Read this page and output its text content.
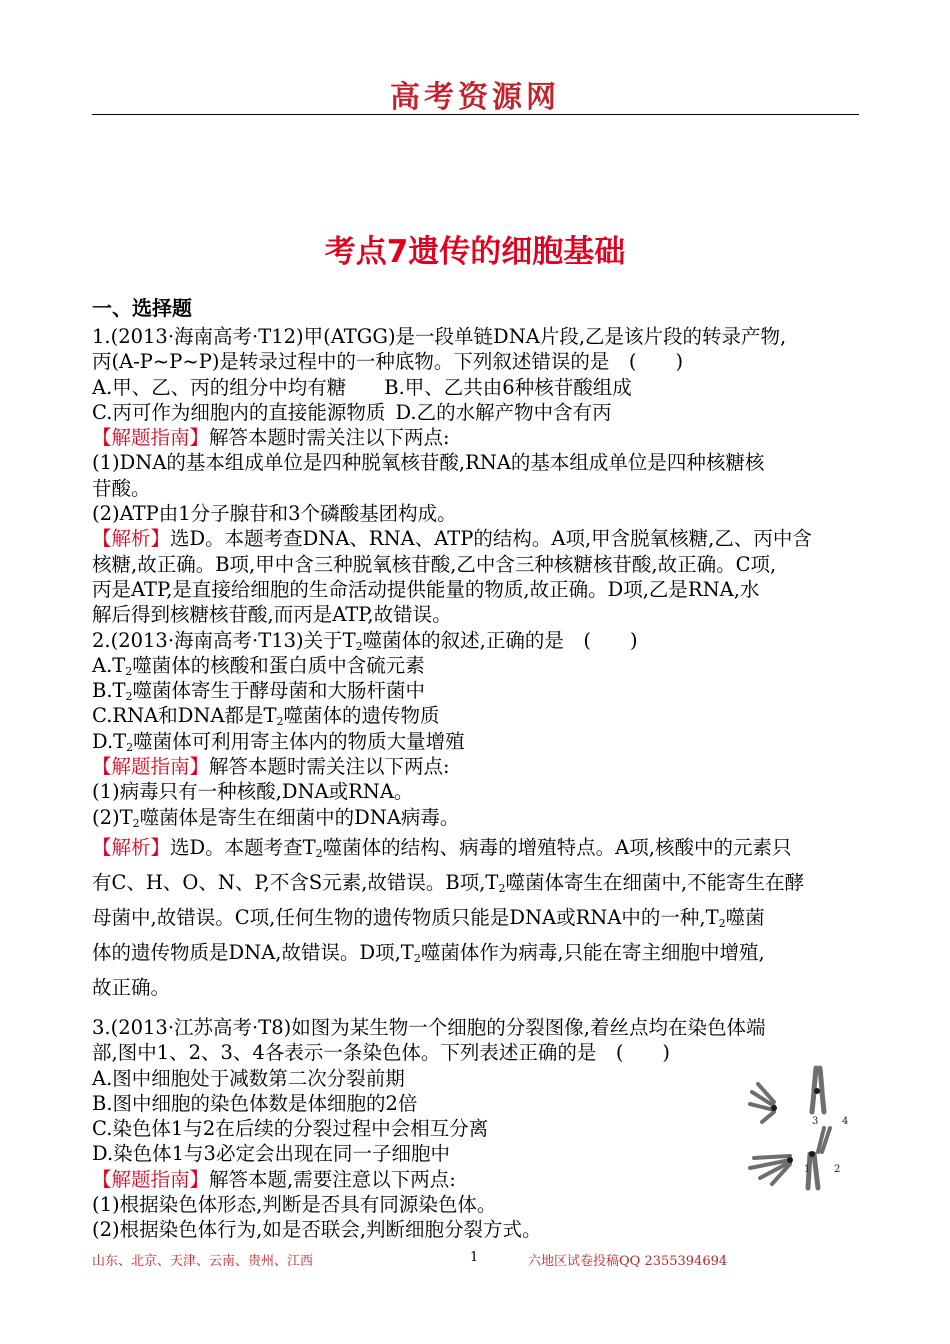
高考资源网
考点7遗传的细胞基础
一、选择题
1.(2013·海南高考·T12)甲(ATGG)是一段单链DNA片段,乙是该片段的转录产物,
丙(A-P~P~P)是转录过程中的一种底物。下列叙述错误的是　(　　)
A.甲、乙、丙的组分中均有糖 B.甲、乙共由6种核苷酸组成
C.丙可作为细胞内的直接能源物质 D.乙的水解产物中含有丙
【解题指南】解答本题时需关注以下两点:
(1)DNA的基本组成单位是四种脱氧核苷酸,RNA的基本组成单位是四种核糖核
苷酸。
(2)ATP由1分子腺苷和3个磷酸基团构成。
【解析】选D。本题考查DNA、RNA、ATP的结构。A项,甲含脱氧核糖,乙、丙中含
核糖,故正确。B项,甲中含三种脱氧核苷酸,乙中含三种核糖核苷酸,故正确。C项,
丙是ATP,是直接给细胞的生命活动提供能量的物质,故正确。D项,乙是RNA,水
解后得到核糖核苷酸,而丙是ATP,故错误。
2.(2013·海南高考·T13)关于$T_2$噬菌体的叙述,正确的是　(　　)
$A.T_2$噬菌体的核酸和蛋白质中含硫元素
$B.T_2$噬菌体寄生于酵母菌和大肠杆菌中
C.RNA和DNA都是$T_2$噬菌体的遗传物质
$D.T_2$噬菌体可利用寄主体内的物质大量增殖
【解题指南】解答本题时需关注以下两点:
(1)病毒只有一种核酸,DNA或RNA。
$(2)T_2$噬菌体是寄生在细菌中的DNA病毒。
【解析】选D。本题考查$T_2$噬菌体的结构、病毒的增殖特点。A项,核酸中的元素只
有C、H、O、N、P,不含S元素,故错误。B项$,T_2$噬菌体寄生在细菌中,不能寄生在酵
母菌中,故错误。C项,任何生物的遗传物质只能是DNA或RNA中的一种$,T_2$噬菌
体的遗传物质是DNA,故错误。D项$,T_2$噬菌体作为病毒,只能在寄主细胞中增殖,
故正确。
3.(2013·江苏高考·T8)如图为某生物一个细胞的分裂图像,着丝点均在染色体端
部,图中1、2、3、4各表示一条染色体。下列表述正确的是　(　　)
A.图中细胞处于减数第二次分裂前期
B.图中细胞的染色体数是体细胞的2倍
C.染色体1与2在后续的分裂过程中会相互分离
D.染色体1与3必定会出现在同一子细胞中
【解题指南】解答本题,需要注意以下两点:
(1)根据染色体形态,判断是否具有同源染色体。
(2)根据染色体行为,如是否联会,判断细胞分裂方式。
3 4
1 2
山东、北京、天津、云南、贵州、江西	1	六地区试卷投稿QQ 2355394694
